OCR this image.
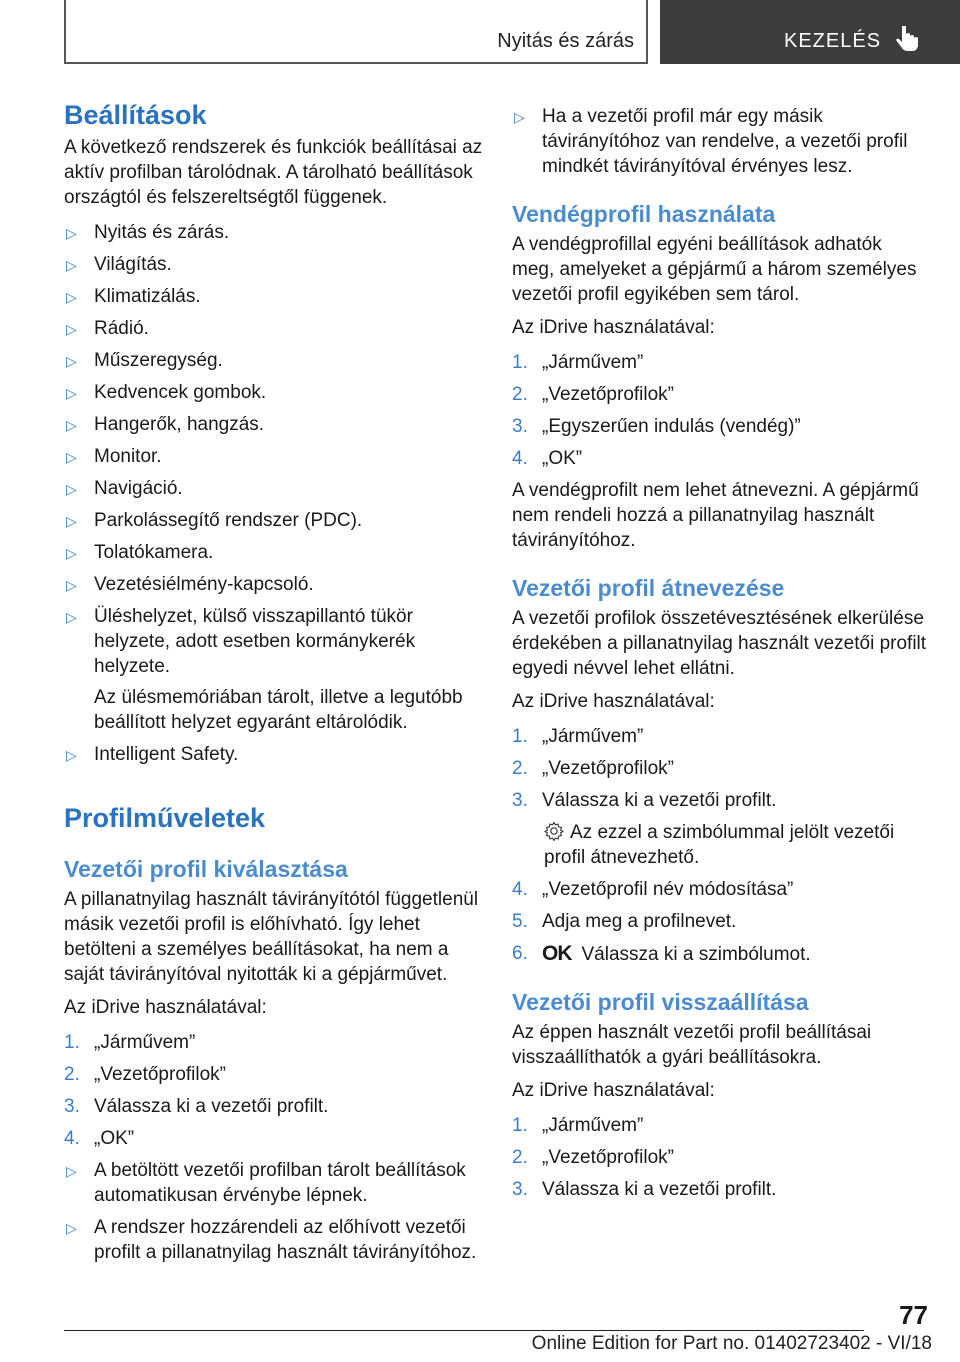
Nyitás és zárás	KEZELÉS
Beállítások

A következő rendszerek és funkciók beállításai az aktív profilban tárolódnak. A tárolható beállítások országtól és felszereltségtől függenek.

▷ Nyitás és zárás.
▷ Világítás.
▷ Klimatizálás.
▷ Rádió.
▷ Műszeregység.
▷ Kedvencek gombok.
▷ Hangerők, hangzás.
▷ Monitor.
▷ Navigáció.
▷ Parkolássegítő rendszer (PDC).
▷ Tolatókamera.
▷ Vezetésiélmény-kapcsoló.
▷ Üléshelyzet, külső visszapillantó tükör helyzete, adott esetben kormánykerék helyzete.
Az ülésmemóriában tárolt, illetve a legutóbb beállított helyzet egyaránt eltárolódik.
▷ Intelligent Safety.
Profilműveletek
Vezetői profil kiválasztása

A pillanatnyilag használt távirányítótól függetlenül másik vezetői profil is előhívható. Így lehet betölteni a személyes beállításokat, ha nem a saját távirányítóval nyitották ki a gépjárművet.

Az iDrive használatával:

1. „Járművem”
2. „Vezetőprofilok”
3. Válassza ki a vezetői profilt.
4. „OK”
▷ A betöltött vezetői profilban tárolt beállítások automatikusan érvénybe lépnek.
▷ A rendszer hozzárendeli az előhívott vezetői profilt a pillanatnyilag használt távirányítóhoz.
▷ Ha a vezetői profil már egy másik távirányítóhoz van rendelve, a vezetői profil mindkét távirányítóval érvényes lesz.
Vendégprofil használata

A vendégprofillal egyéni beállítások adhatók meg, amelyeket a gépjármű a három személyes vezetői profil egyikében sem tárol.

Az iDrive használatával:

1. „Járművem”
2. „Vezetőprofilok”
3. „Egyszerűen indulás (vendég)”
4. „OK”

A vendégprofilt nem lehet átnevezni. A gépjármű nem rendeli hozzá a pillanatnyilag használt távirányítóhoz.

Vezetői profil átnevezése

A vezetői profilok összetévesztésének elkerülése érdekében a pillanatnyilag használt vezetői profilt egyedi névvel lehet ellátni.

Az iDrive használatával:

1. „Járművem”
2. „Vezetőprofilok”
3. Válassza ki a vezetői profilt.
Az ezzel a szimbólummal jelölt vezetői profil átnevezhető.
4. „Vezetőprofil név módosítása”
5. Adja meg a profilnevet.
6. OK Válassza ki a szimbólumot.
Vezetői profil visszaállítása

Az éppen használt vezetői profil beállításai visszaállíthatók a gyári beállításokra.

Az iDrive használatával:

1. „Járművem”
2. „Vezetőprofilok”
3. Válassza ki a vezetői profilt.
77
Online Edition for Part no. 01402723402 - VI/18
